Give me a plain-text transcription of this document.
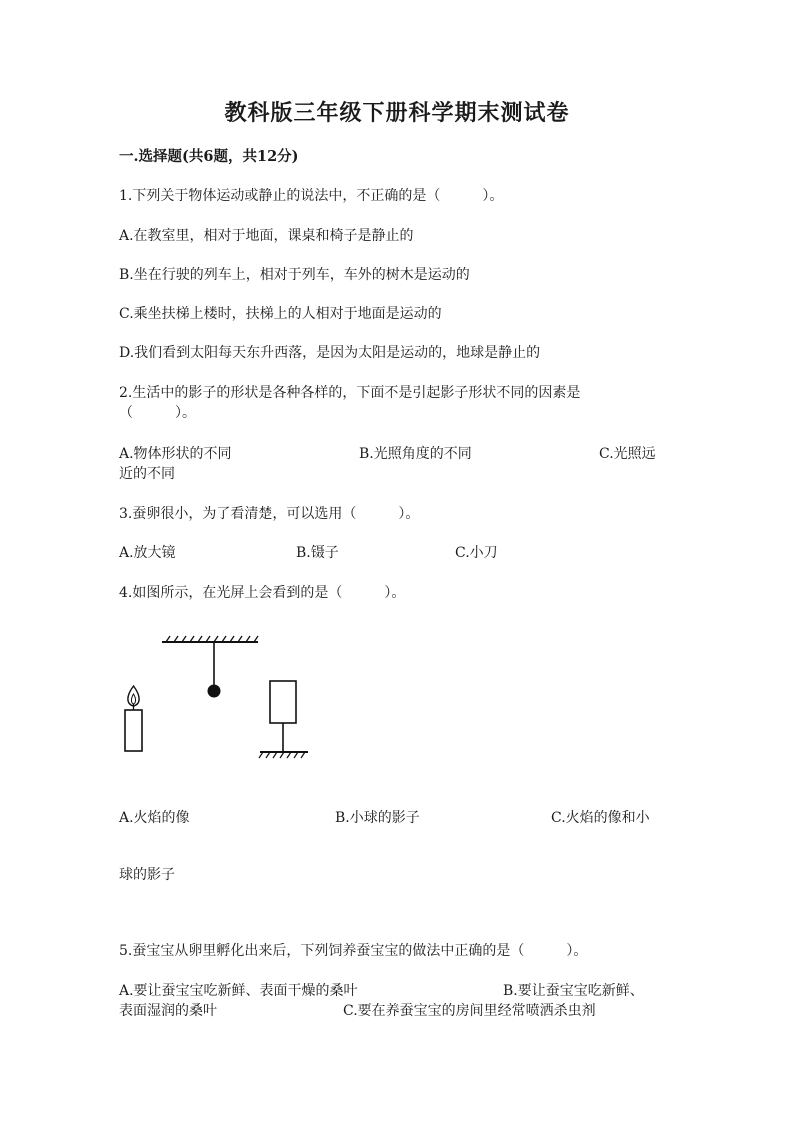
教科版三年级下册科学期末测试卷
一.选择题(共6题，共12分)
1.下列关于物体运动或静止的说法中，不正确的是（　　　）。
A.在教室里，相对于地面，课桌和椅子是静止的
B.坐在行驶的列车上，相对于列车，车外的树木是运动的
C.乘坐扶梯上楼时，扶梯上的人相对于地面是运动的
D.我们看到太阳每天东升西落，是因为太阳是运动的，地球是静止的
2.生活中的影子的形状是各种各样的，下面不是引起影子形状不同的因素是
（　　　）。
A.物体形状的不同	B.光照角度的不同	C.光照远
近的不同
3.蚕卵很小，为了看清楚，可以选用（　　　）。
A.放大镜	B.镊子	C.小刀
4.如图所示，在光屏上会看到的是（　　　）。
A.火焰的像	B.小球的影子	C.火焰的像和小
球的影子
5.蚕宝宝从卵里孵化出来后，下列饲养蚕宝宝的做法中正确的是（　　　）。
A.要让蚕宝宝吃新鲜、表面干燥的桑叶	B.要让蚕宝宝吃新鲜、
表面湿润的桑叶	C.要在养蚕宝宝的房间里经常喷洒杀虫剂
